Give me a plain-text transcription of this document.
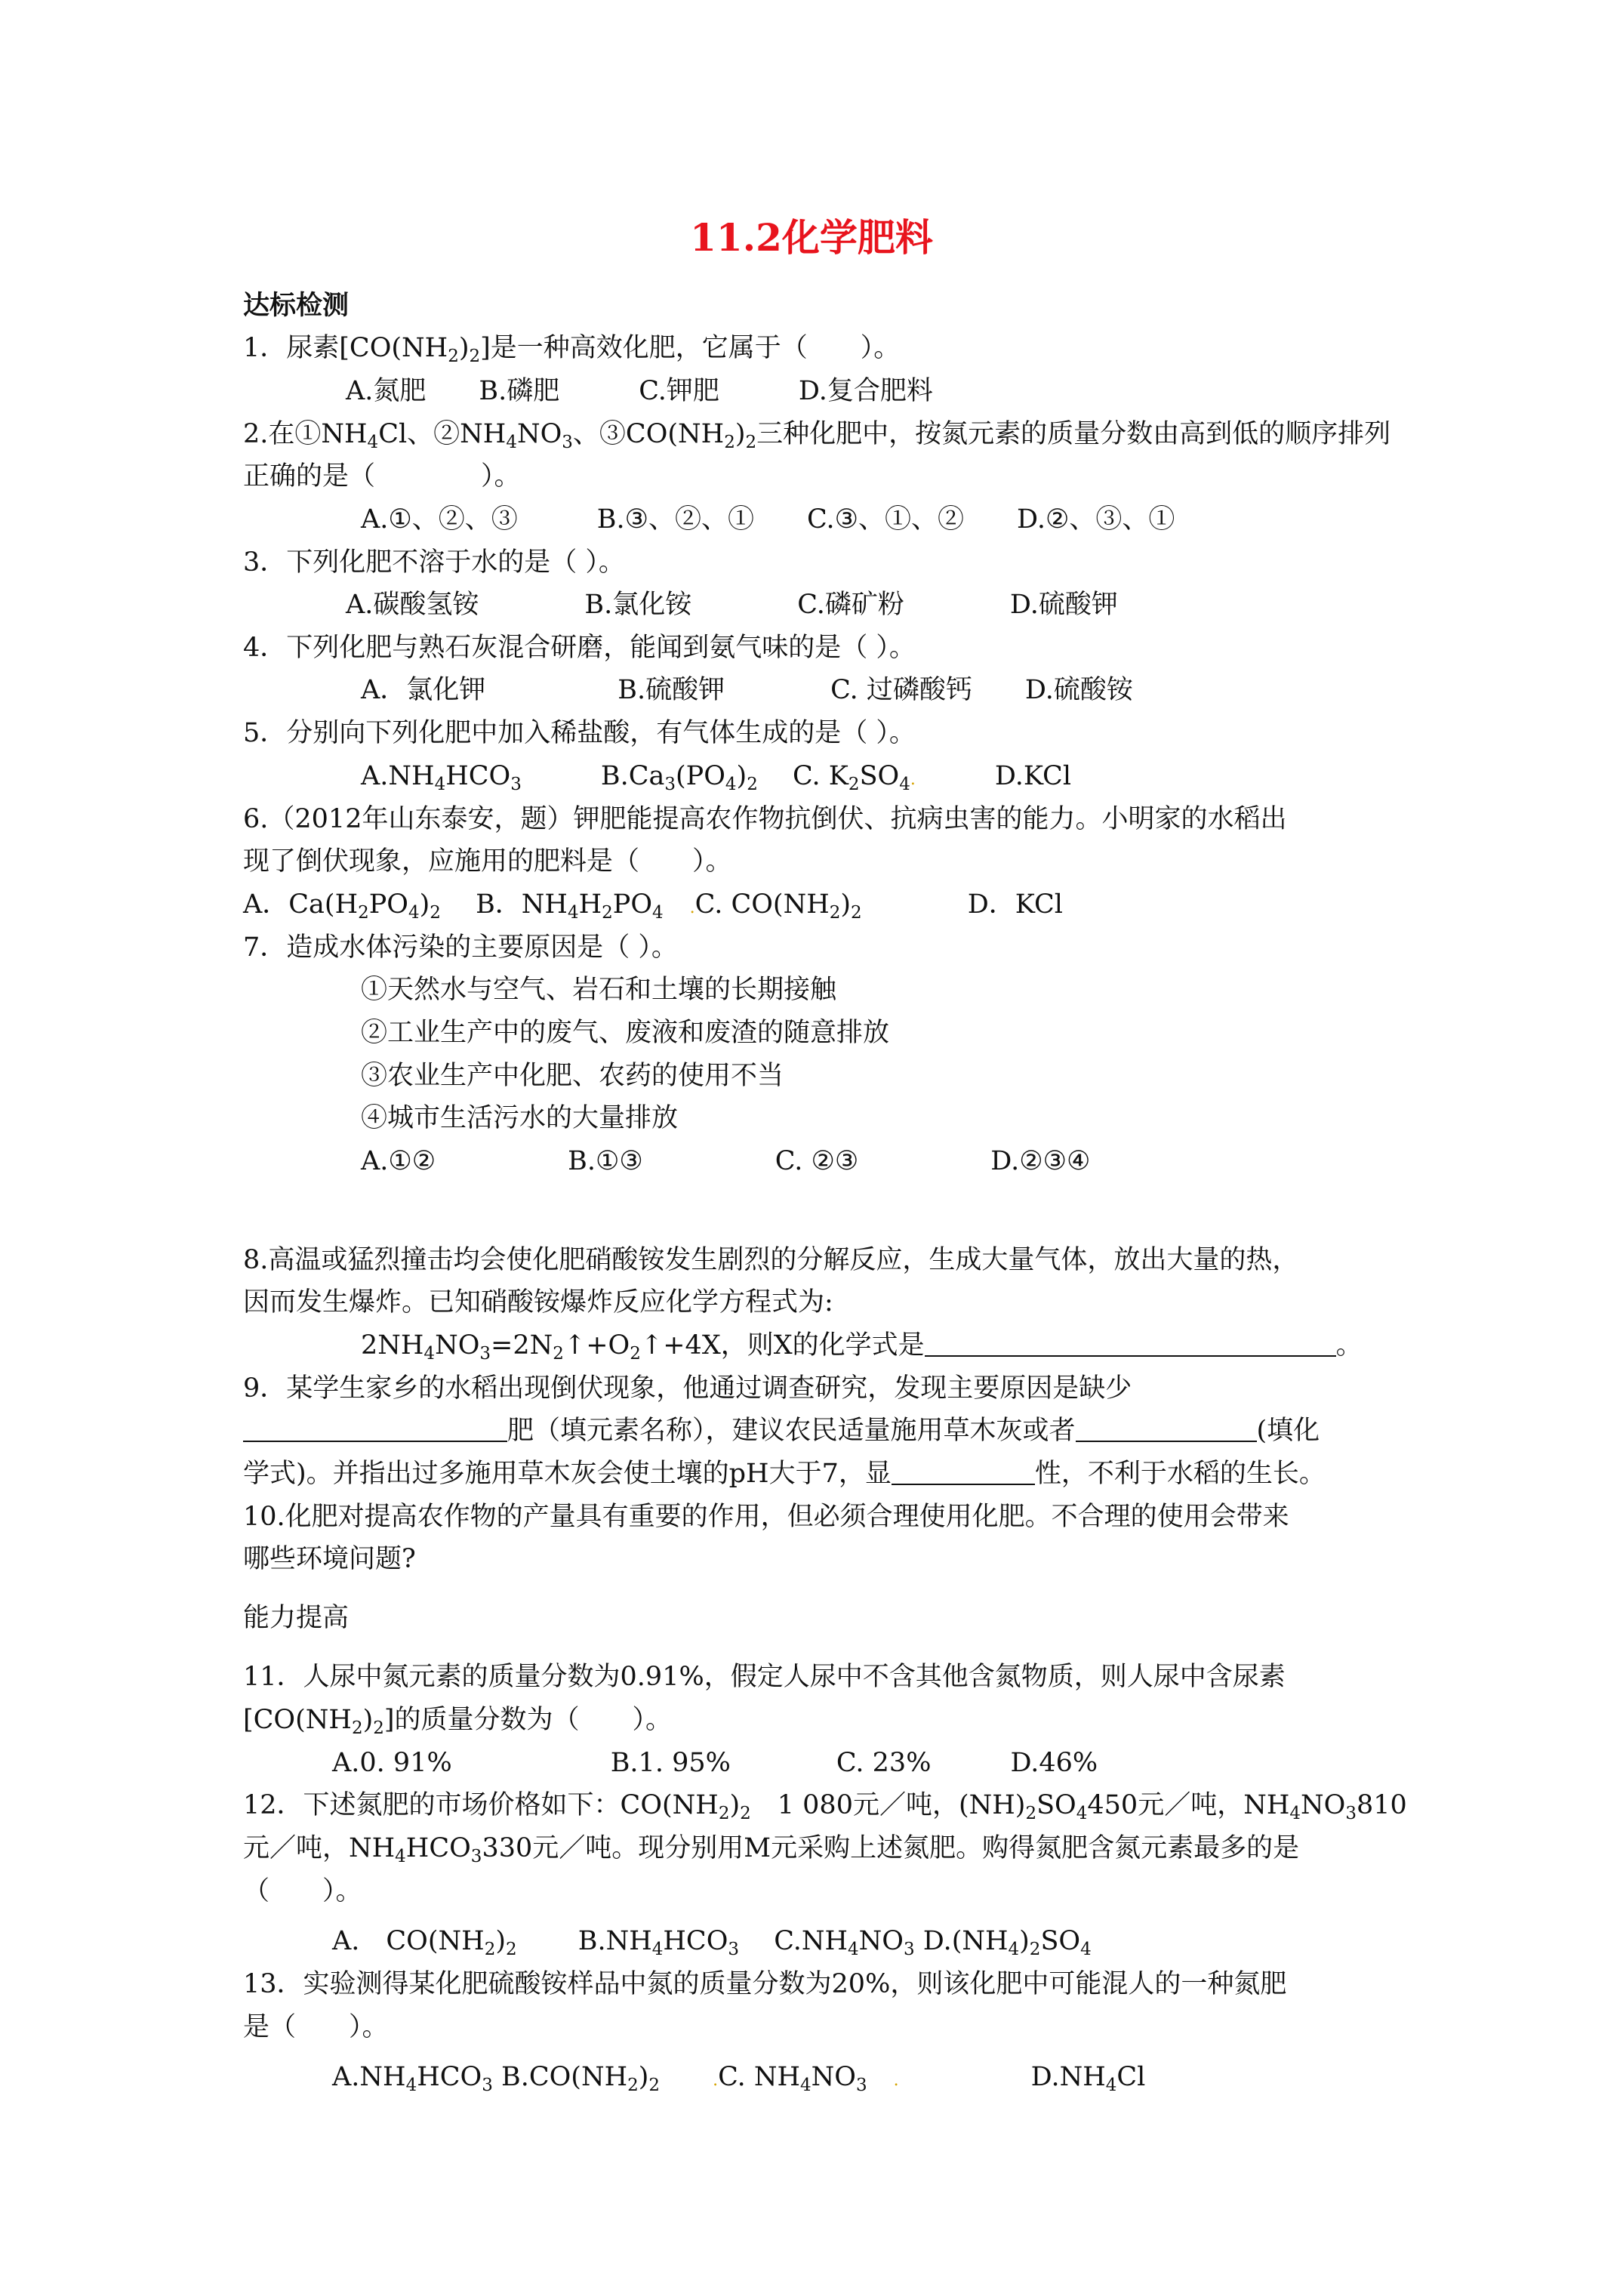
11.2化学肥料
达标检测
1．尿素$[CO(NH_2)_2]$是一种高效化肥，它属于（　　）。
A.氮肥　　B.磷肥　　　C.钾肥　　　D.复合肥料
2.在$①NH_4Cl$、$②NH_4NO_3$、$③CO(NH_2)_2$三种化肥中，按氮元素的质量分数由高到低的顺序排列
正确的是（　　　　）。
A.①、②、③　　　B.③、②、①　　C.③、①、②　　D.②、③、①
3．下列化肥不溶于水的是（ ）。
A.碳酸氢铵　　　　B.氯化铵　　　　C.磷矿粉　　　　D.硫酸钾
4．下列化肥与熟石灰混合研磨，能闻到氨气味的是（ ）。
A．氯化钾　　　　　B.硫酸钾　　　　C. 过磷酸钙　　D.硫酸铵
5．分别向下列化肥中加入稀盐酸，有气体生成的是（ ）。
$A.NH_4HCO_3$　　　	$B.Ca_3(PO_4)_2$　 C. $K_2SO_4$.　　　	D.KCl
6.（2012年山东泰安，题）钾肥能提高农作物抗倒伏、抗病虫害的能力。小明家的水稻出
现了倒伏现象，应施用的肥料是（　　）。
A．$Ca(H_2PO_4)_2$　 B．$NH_4H_2PO_4$　 .C. $CO(NH_2)_2$　　　　	D．KCl
7．造成水体污染的主要原因是（ ）。
①天然水与空气、岩石和土壤的长期接触
②工业生产中的废气、废液和废渣的随意排放
③农业生产中化肥、农药的使用不当
④城市生活污水的大量排放
A.①②　　　　　B.①③　　　　　C. ②③　　　　　D.②③④
8.高温或猛烈撞击均会使化肥硝酸铵发生剧烈的分解反应，生成大量气体，放出大量的热，
因而发生爆炸。已知硝酸铵爆炸反应化学方程式为:
$2NH_4NO_3=2N_2↑+O_2↑+4X$，则X的化学式是	。
9．某学生家乡的水稻出现倒伏现象，他通过调查研究，发现主要原因是缺少
肥（填元素名称），建议农民适量施用草木灰或者	(填化
学式)。并指出过多施用草木灰会使土壤的pH大于7，显	性，不利于水稻的生长。
10.化肥对提高农作物的产量具有重要的作用，但必须合理使用化肥。不合理的使用会带来
哪些环境问题?
能力提高
11．人尿中氮元素的质量分数为0.91%，假定人尿中不含其他含氮物质，则人尿中含尿素
$[CO(NH_2)_2]$的质量分数为（　　）。
A.0. 91%　　　　　　B.1. 95%　　　　C. 23%　　　D.46%
12．下述氮肥的市场价格如下：$CO(NH_2)_2$　1 080元／吨，$(NH)_2SO_4450$元／吨，$NH_4NO_3810$
元／吨，$NH_4HCO_3330$元／吨。现分别用M元采购上述氮肥。购得氮肥含氮元素最多的是
（　　）。
A.　$CO(NH_2)_2$　　 $B.NH_4HCO_3$　 $C.NH_4NO_3$ $D.(NH_4)_2SO_4$
13．实验测得某化肥硫酸铵样品中氮的质量分数为20%，则该化肥中可能混人的一种氮肥
是（　　）。
$A.NH_4HCO_3$ $B.CO(NH_2)_2$　　	.C. $NH_4NO_3$　 .　　　　　	$D.NH_4Cl$
